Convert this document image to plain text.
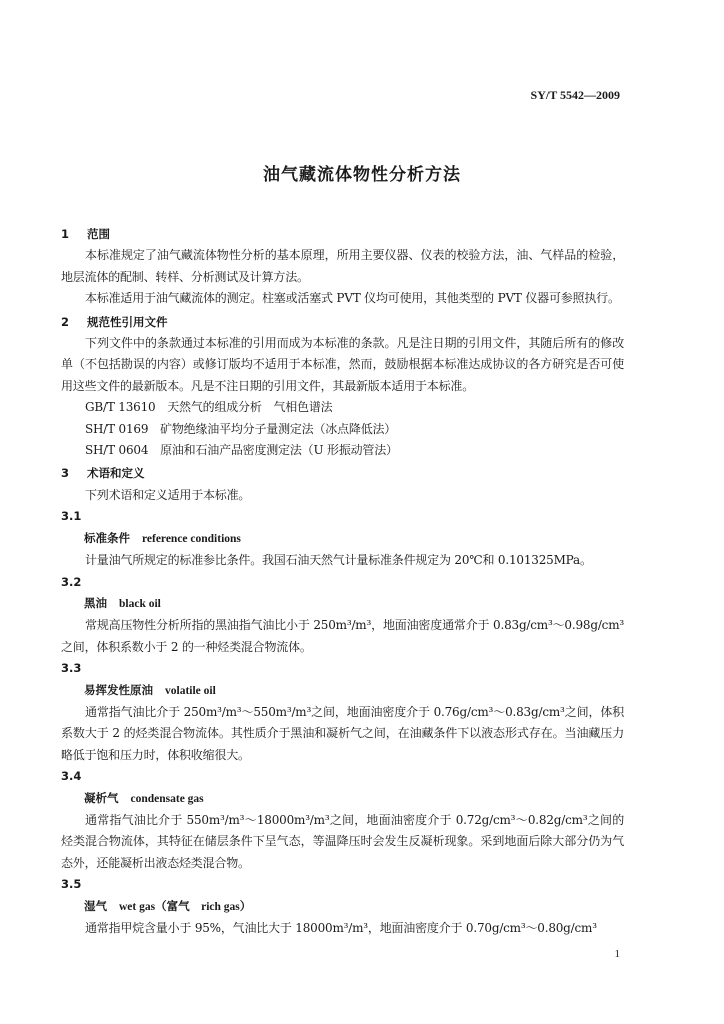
SY/T 5542—2009
油气藏流体物性分析方法

1 范围

本标准规定了油气藏流体物性分析的基本原理，所用主要仪器、仪表的校验方法，油、气样品的检验，地层流体的配制、转样、分析测试及计算方法。

本标准适用于油气藏流体的测定。柱塞或活塞式 PVT 仪均可使用，其他类型的 PVT 仪器可参照执行。

2 规范性引用文件

下列文件中的条款通过本标准的引用而成为本标准的条款。凡是注日期的引用文件，其随后所有的修改单（不包括勘误的内容）或修订版均不适用于本标准，然而，鼓励根据本标准达成协议的各方研究是否可使用这些文件的最新版本。凡是不注日期的引用文件，其最新版本适用于本标准。

GB/T 13610　天然气的组成分析　气相色谱法

SH/T 0169　矿物绝缘油平均分子量测定法（冰点降低法）

SH/T 0604　原油和石油产品密度测定法（U 形振动管法）

3 术语和定义

下列术语和定义适用于本标准。

3.1

标准条件 reference conditions

计量油气所规定的标准参比条件。我国石油天然气计量标准条件规定为 20℃和 0.101325MPa。

3.2

黑油 black oil

常规高压物性分析所指的黑油指气油比小于 250m³/m³，地面油密度通常介于 0.83g/cm³～0.98g/cm³之间，体积系数小于 2 的一种烃类混合物流体。

3.3

易挥发性原油 volatile oil

通常指气油比介于 250m³/m³～550m³/m³之间，地面油密度介于 0.76g/cm³～0.83g/cm³之间，体积系数大于 2 的烃类混合物流体。其性质介于黑油和凝析气之间，在油藏条件下以液态形式存在。当油藏压力略低于饱和压力时，体积收缩很大。

3.4

凝析气 condensate gas

通常指气油比介于 550m³/m³～18000m³/m³之间，地面油密度介于 0.72g/cm³～0.82g/cm³之间的烃类混合物流体，其特征在储层条件下呈气态，等温降压时会发生反凝析现象。采到地面后除大部分仍为气态外，还能凝析出液态烃类混合物。

3.5

湿气 wet gas（富气　rich gas）

通常指甲烷含量小于 95%，气油比大于 18000m³/m³，地面油密度介于 0.70g/cm³～0.80g/cm³

1
